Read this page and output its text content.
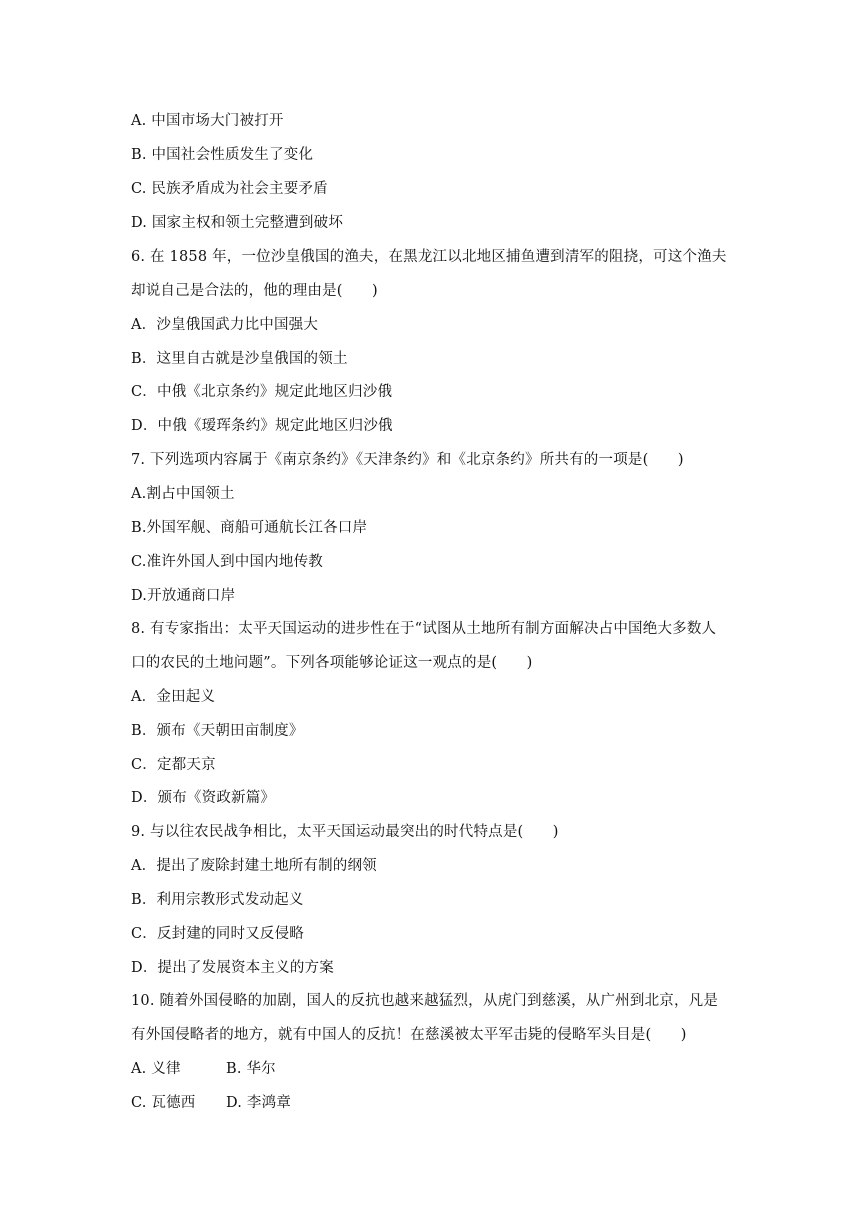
A. 中国市场大门被打开
B. 中国社会性质发生了变化
C. 民族矛盾成为社会主要矛盾
D. 国家主权和领土完整遭到破坏
6. 在 1858 年，一位沙皇俄国的渔夫，在黑龙江以北地区捕鱼遭到清军的阻挠，可这个渔夫
却说自己是合法的，他的理由是(　　)
A．沙皇俄国武力比中国强大
B．这里自古就是沙皇俄国的领土
C．中俄《北京条约》规定此地区归沙俄
D．中俄《瑷珲条约》规定此地区归沙俄
7. 下列选项内容属于《南京条约》《天津条约》和《北京条约》所共有的一项是(　　)
A.割占中国领土
B.外国军舰、商船可通航长江各口岸
C.准许外国人到中国内地传教
D.开放通商口岸
8. 有专家指出：太平天国运动的进步性在于“试图从土地所有制方面解决占中国绝大多数人
口的农民的土地问题”。下列各项能够论证这一观点的是(　　)
A．金田起义
B．颁布《天朝田亩制度》
C．定都天京
D．颁布《资政新篇》
9. 与以往农民战争相比，太平天国运动最突出的时代特点是(　　)
A．提出了废除封建土地所有制的纲领
B．利用宗教形式发动起义
C．反封建的同时又反侵略
D．提出了发展资本主义的方案
10. 随着外国侵略的加剧，国人的反抗也越来越猛烈，从虎门到慈溪，从广州到北京，凡是
有外国侵略者的地方，就有中国人的反抗！在慈溪被太平军击毙的侵略军头目是(　　)
A. 义律	B. 华尔
C. 瓦德西	D. 李鸿章
